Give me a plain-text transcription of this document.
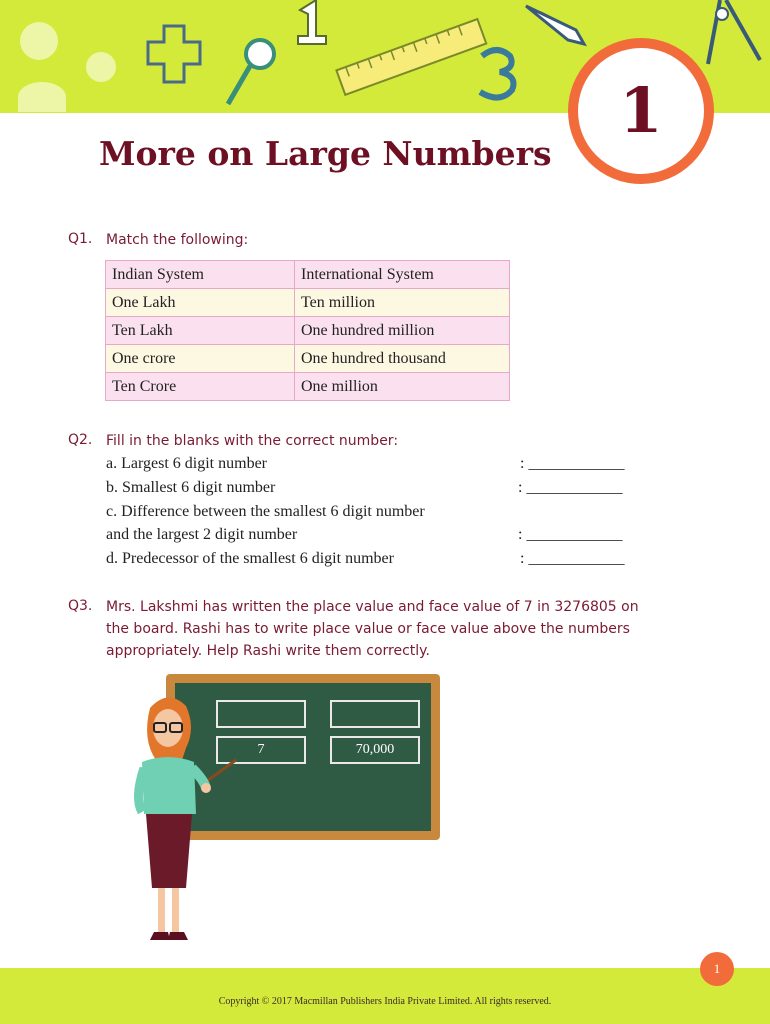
1
More on Large Numbers
Q1. Match the following:
Indian System	International System
One Lakh	Ten million
Ten Lakh	One hundred million
One crore	One hundred thousand
Ten Crore	One million
Q2. Fill in the blanks with the correct number:
a. Largest 6 digit number	: ____________
b. Smallest 6 digit number	: ____________
c. Difference between the smallest 6 digit number
and the largest 2 digit number	: ____________
d. Predecessor of the smallest 6 digit number	: ____________
Q3. Mrs. Lakshmi has written the place value and face value of 7 in 3276805 on the board. Rashi has to write place value or face value above the numbers appropriately. Help Rashi write them correctly.
7	70,000
1
Copyright © 2017 Macmillan Publishers India Private Limited. All rights reserved.
